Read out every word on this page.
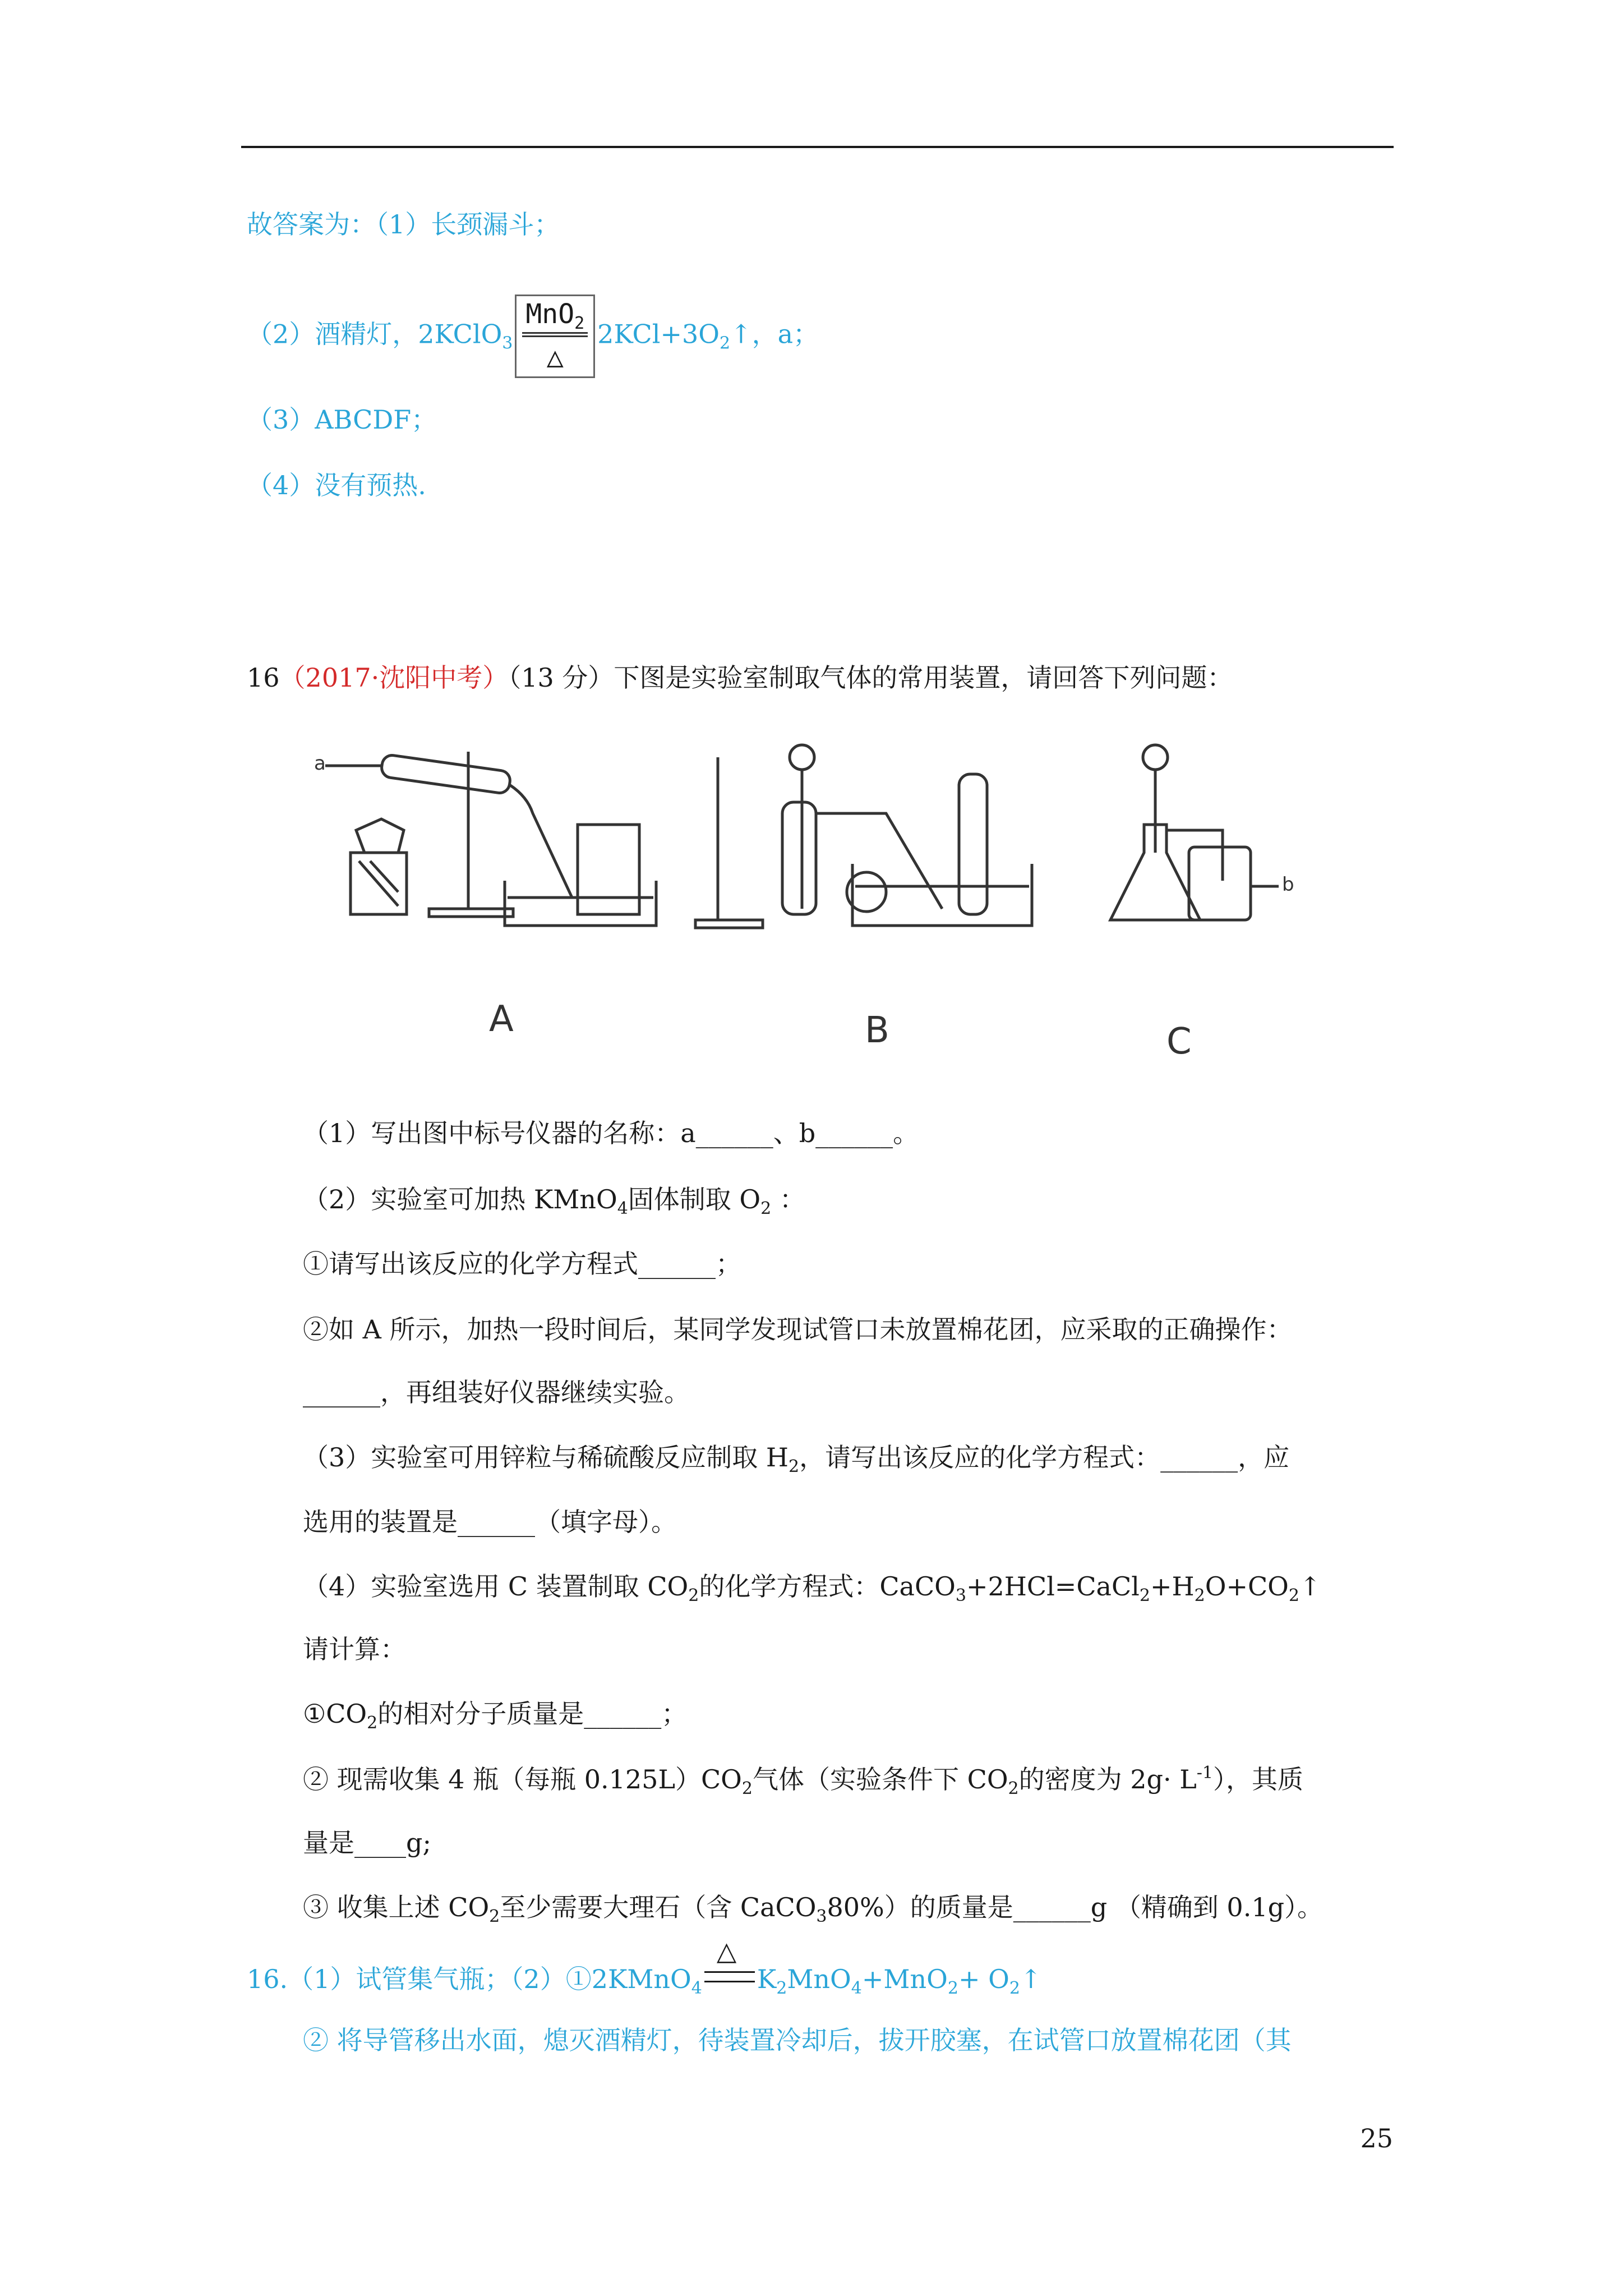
故答案为：（1）长颈漏斗；
（2）酒精灯，2KClO$_3$ $\frac{MnO_2}{\triangle}$ $2KCl+3O_2↑$，a；
（3）ABCDF；
（4）没有预热.
16（2017·沈阳中考）（13 分）下图是实验室制取气体的常用装置，请回答下列问题：
a
b
A	B	C
（1）写出图中标号仪器的名称：a______、b______。
（2）实验室可加热 KMnO$_4$固体制取 $O_2$ ：
①请写出该反应的化学方程式______；
②如 A 所示，加热一段时间后，某同学发现试管口未放置棉花团，应采取的正确操作：
______，再组装好仪器继续实验。
（3）实验室可用锌粒与稀硫酸反应制取 $H_2$，请写出该反应的化学方程式：______，应
选用的装置是______（填字母）。
（4）实验室选用 C 装置制取 $CO_2$的化学方程式：$CaCO_3+2HCl=CaCl_2+H_2O+CO_2↑$
请计算：
$①CO_2$的相对分子质量是______；
② 现需收集 4 瓶（每瓶 $0.125L)CO_2$气体（实验条件下 $CO_2$的密度为 $2g\cdot L^{-1}$），其质
量是____g;
③ 收集上述 $CO_2$至少需要大理石（含 CaCO$_3$80%）的质量是______g （精确到 0.1g）。
16.（1）试管集气瓶；（2）①2KMnO$_4$
△
$K_2MnO_4+MnO_2+$ $O_2↑$
② 将导管移出水面，熄灭酒精灯，待装置冷却后，拔开胶塞，在试管口放置棉花团（其
25
